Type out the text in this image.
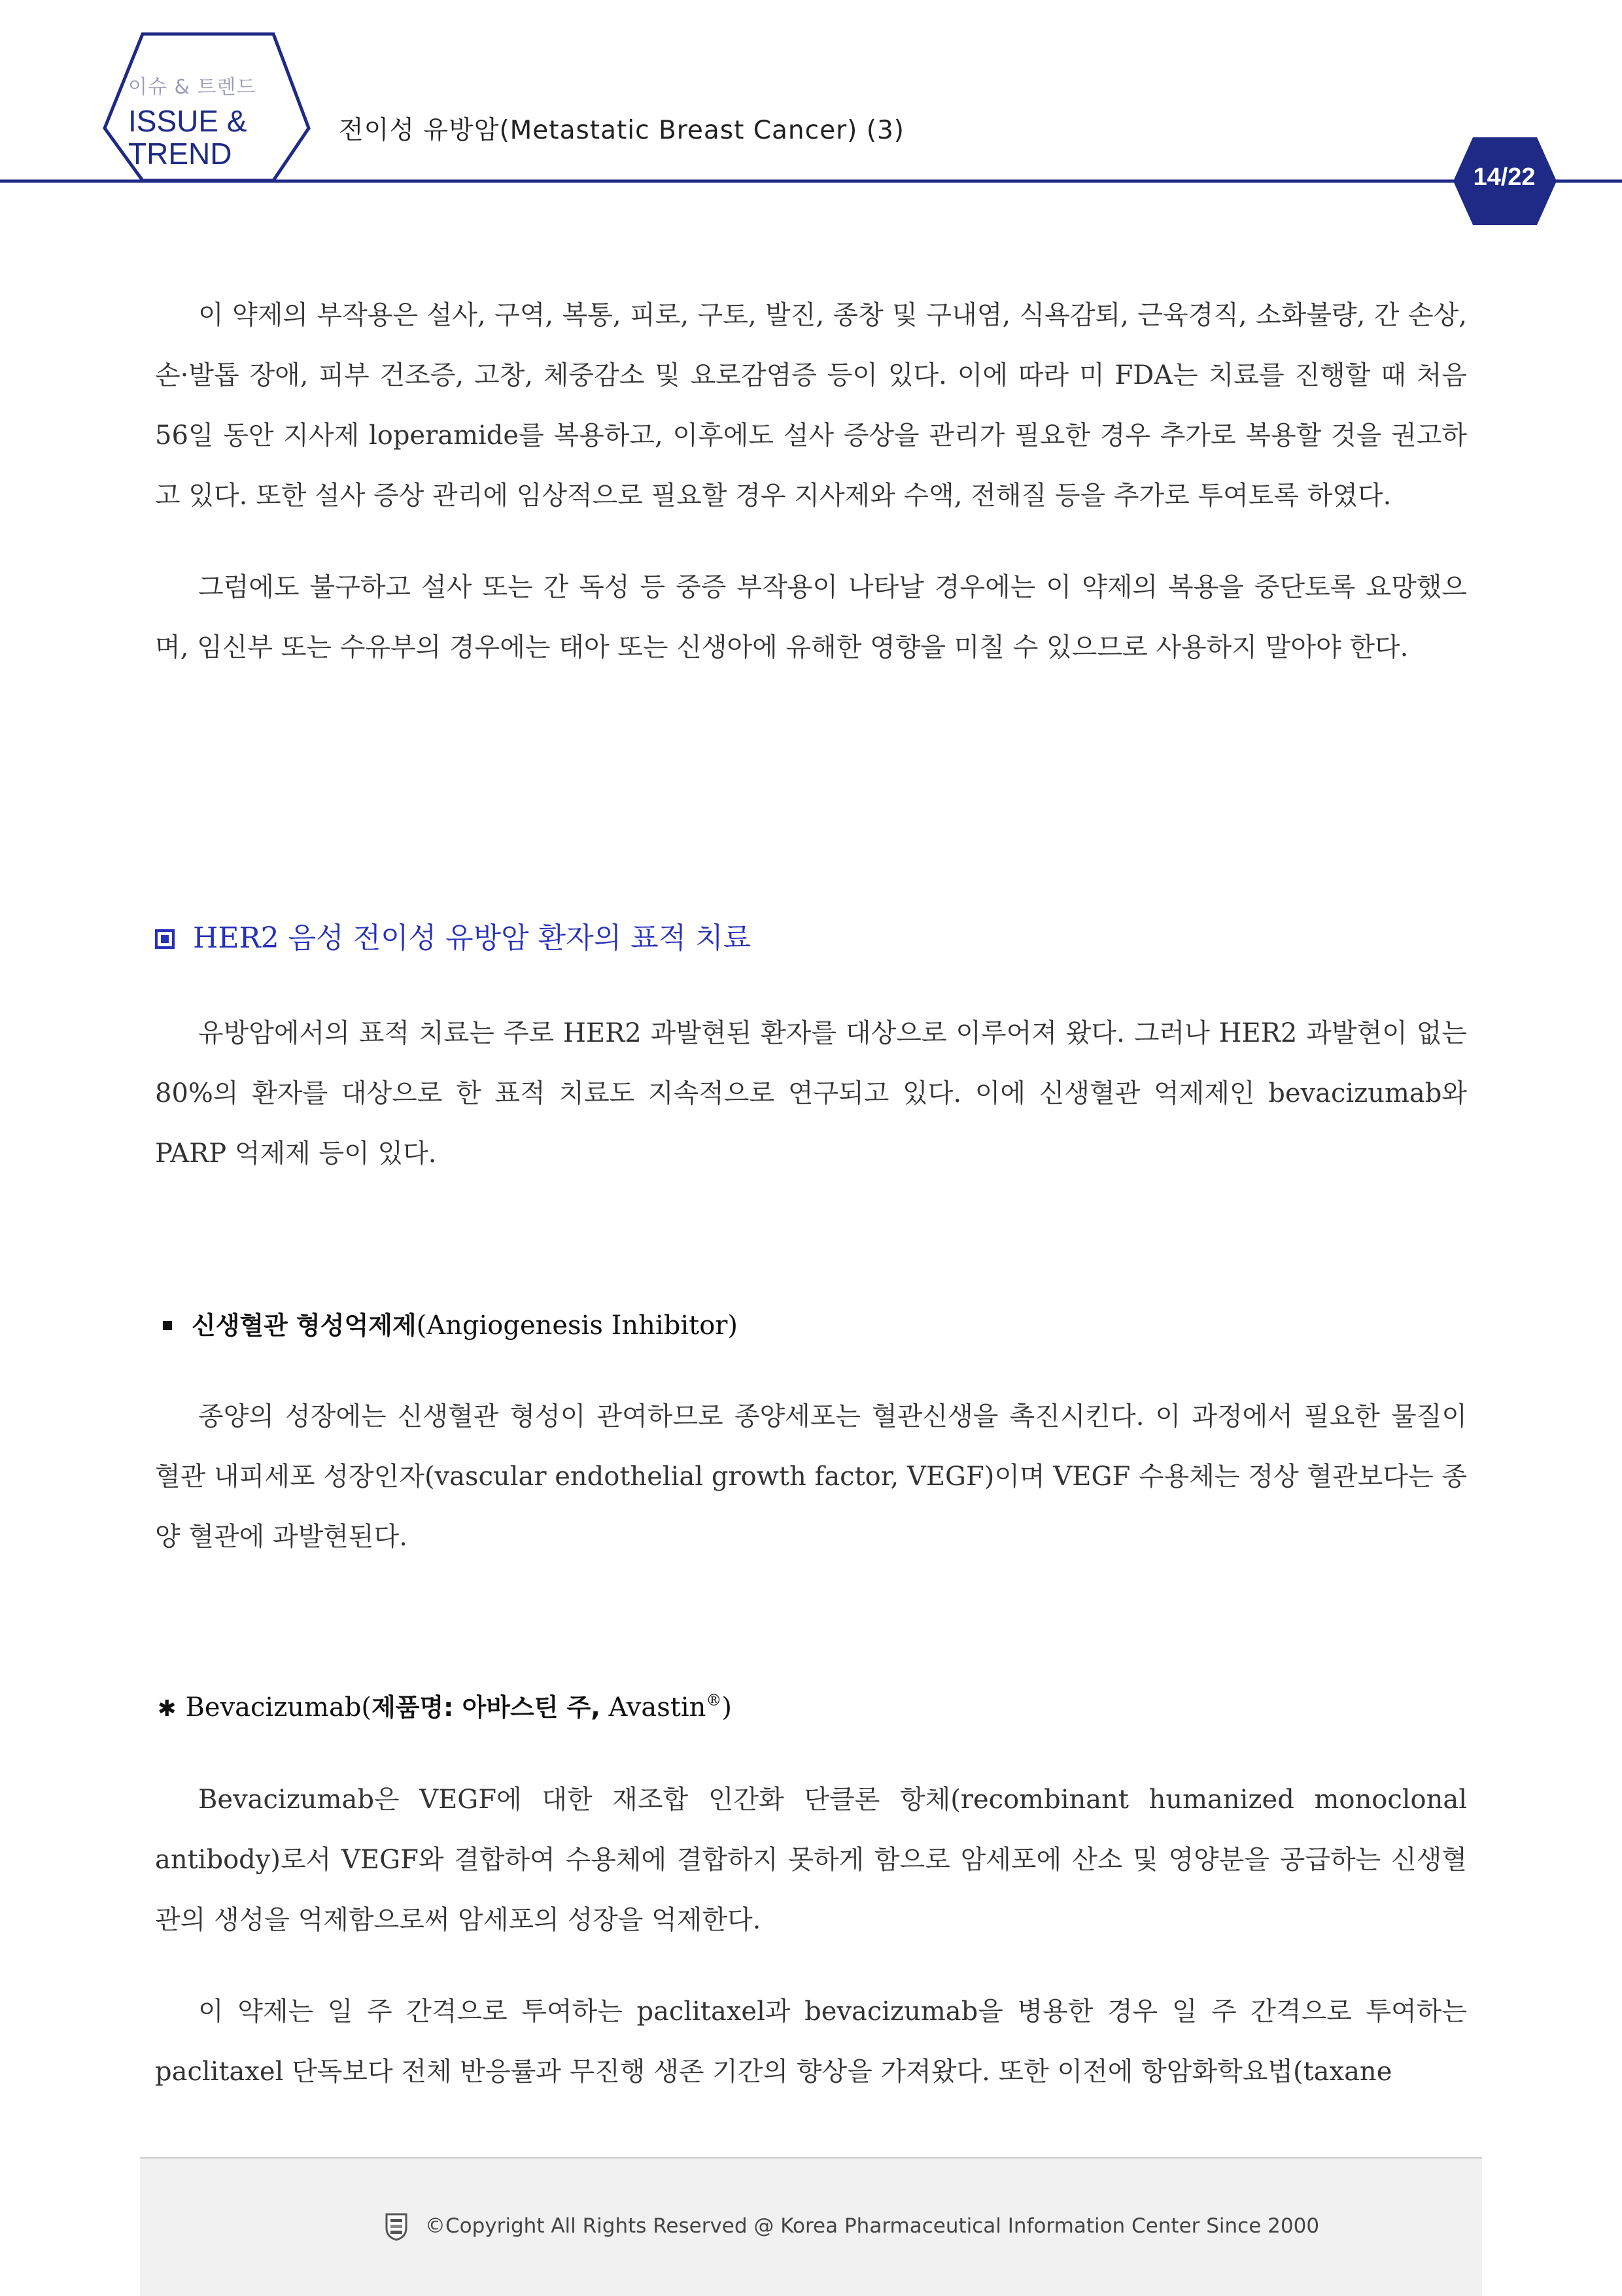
이슈 & 트렌드
ISSUE &
TREND
전이성 유방암(Metastatic Breast Cancer) (3)
14/22

이 약제의 부작용은 설사, 구역, 복통, 피로, 구토, 발진, 종창 및 구내염, 식욕감퇴, 근육경직, 소화불량, 간 손상, 손·발톱 장애, 피부 건조증, 고창, 체중감소 및 요로감염증 등이 있다. 이에 따라 미 FDA는 치료를 진행할 때 처음 56일 동안 지사제 loperamide를 복용하고, 이후에도 설사 증상을 관리가 필요한 경우 추가로 복용할 것을 권고하고 있다. 또한 설사 증상 관리에 임상적으로 필요할 경우 지사제와 수액, 전해질 등을 추가로 투여토록 하였다.

그럼에도 불구하고 설사 또는 간 독성 등 중증 부작용이 나타날 경우에는 이 약제의 복용을 중단토록 요망했으며, 임신부 또는 수유부의 경우에는 태아 또는 신생아에 유해한 영향을 미칠 수 있으므로 사용하지 말아야 한다.

HER2 음성 전이성 유방암 환자의 표적 치료

유방암에서의 표적 치료는 주로 HER2 과발현된 환자를 대상으로 이루어져 왔다. 그러나 HER2 과발현이 없는 80%의 환자를 대상으로 한 표적 치료도 지속적으로 연구되고 있다. 이에 신생혈관 억제제인 bevacizumab와 PARP 억제제 등이 있다.

신생혈관 형성억제제(Angiogenesis Inhibitor)

종양의 성장에는 신생혈관 형성이 관여하므로 종양세포는 혈관신생을 촉진시킨다. 이 과정에서 필요한 물질이 혈관 내피세포 성장인자(vascular endothelial growth factor, VEGF)이며 VEGF 수용체는 정상 혈관보다는 종양 혈관에 과발현된다.

✱ Bevacizumab(제품명: 아바스틴 주, Avastin®)

Bevacizumab은 VEGF에 대한 재조합 인간화 단클론 항체(recombinant humanized monoclonal antibody)로서 VEGF와 결합하여 수용체에 결합하지 못하게 함으로 암세포에 산소 및 영양분을 공급하는 신생혈관의 생성을 억제함으로써 암세포의 성장을 억제한다.

이 약제는 일 주 간격으로 투여하는 paclitaxel과 bevacizumab을 병용한 경우 일 주 간격으로 투여하는 paclitaxel 단독보다 전체 반응률과 무진행 생존 기간의 향상을 가져왔다. 또한 이전에 항암화학요법(taxane

©Copyright All Rights Reserved @ Korea Pharmaceutical Information Center Since 2000
